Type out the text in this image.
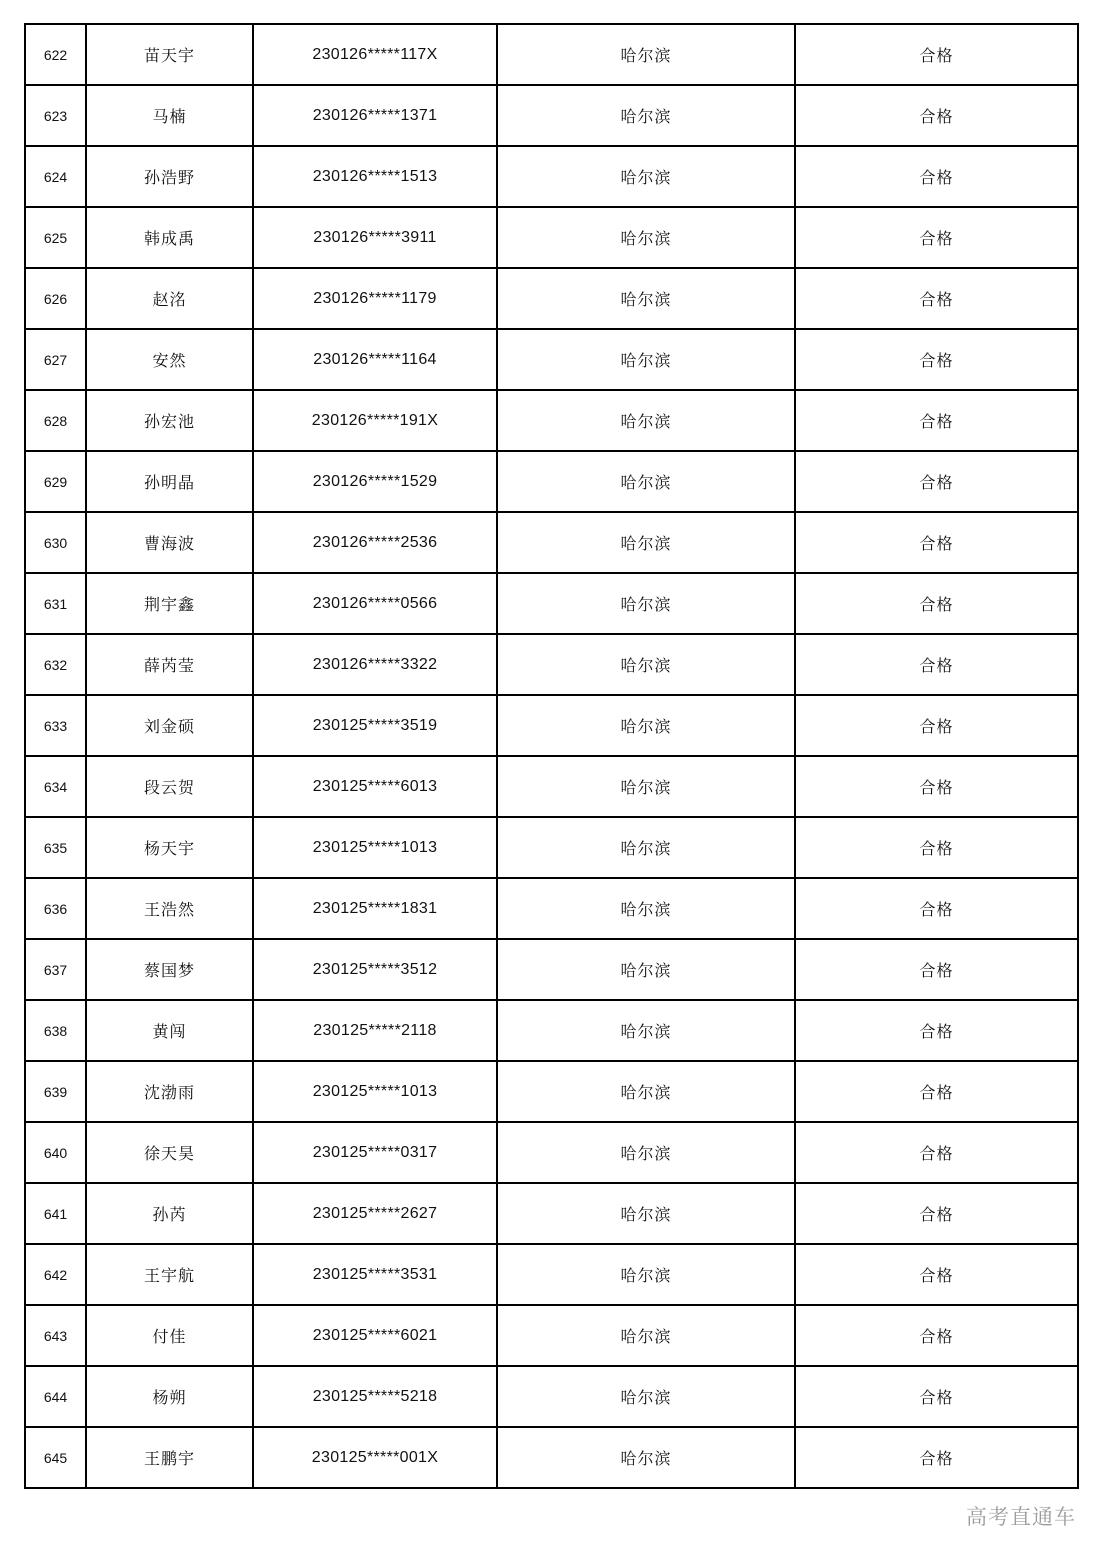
622	苗天宇	230126*****117X	哈尔滨	合格
623	马楠	230126*****1371	哈尔滨	合格
624	孙浩野	230126*****1513	哈尔滨	合格
625	韩成禹	230126*****3911	哈尔滨	合格
626	赵洺	230126*****1179	哈尔滨	合格
627	安然	230126*****1164	哈尔滨	合格
628	孙宏池	230126*****191X	哈尔滨	合格
629	孙明晶	230126*****1529	哈尔滨	合格
630	曹海波	230126*****2536	哈尔滨	合格
631	荆宇鑫	230126*****0566	哈尔滨	合格
632	薛芮莹	230126*****3322	哈尔滨	合格
633	刘金硕	230125*****3519	哈尔滨	合格
634	段云贺	230125*****6013	哈尔滨	合格
635	杨天宇	230125*****1013	哈尔滨	合格
636	王浩然	230125*****1831	哈尔滨	合格
637	蔡国梦	230125*****3512	哈尔滨	合格
638	黄闯	230125*****2118	哈尔滨	合格
639	沈渤雨	230125*****1013	哈尔滨	合格
640	徐天昊	230125*****0317	哈尔滨	合格
641	孙芮	230125*****2627	哈尔滨	合格
642	王宇航	230125*****3531	哈尔滨	合格
643	付佳	230125*****6021	哈尔滨	合格
644	杨朔	230125*****5218	哈尔滨	合格
645	王鹏宇	230125*****001X	哈尔滨	合格
高考直通车
